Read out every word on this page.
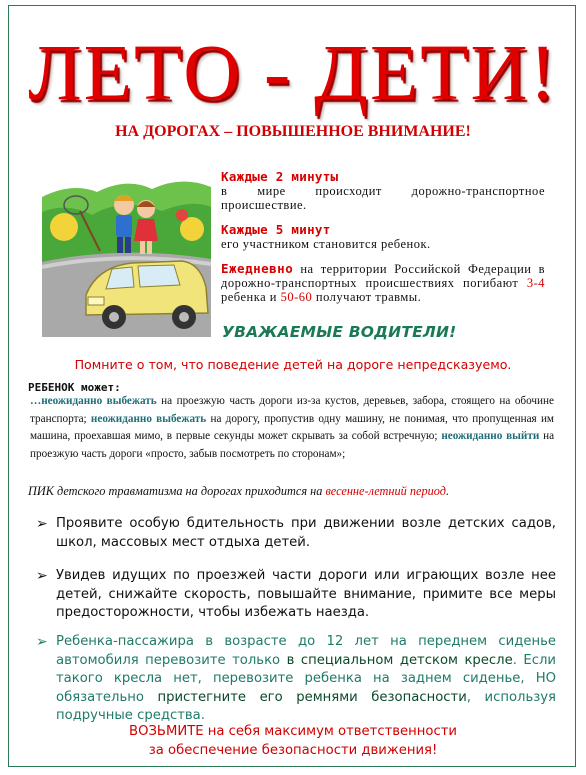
ЛЕТО - ДЕТИ!
НА ДОРОГАХ – ПОВЫШЕННОЕ ВНИМАНИЕ!
Каждые 2 минуты
в мире происходит дорожно-транспортное происшествие.
Каждые 5 минут
его участником становится ребенок.
Ежедневно на территории Российской Федерации в дорожно-транспортных происшествиях погибают 3-4 ребенка и 50-60 получают травмы.
УВАЖАЕМЫЕ ВОДИТЕЛИ!
Помните о том, что поведение детей на дороге непредсказуемо.
РЕБЕНОК может:
…неожиданно выбежать на проезжую часть дороги из-за кустов, деревьев, забора, стоящего на обочине транспорта; неожиданно выбежать на дорогу, пропустив одну машину, не понимая, что пропущенная им машина, проехавшая мимо, в первые секунды может скрывать за собой встречную; неожиданно выйти на проезжую часть дороги «просто, забыв посмотреть по сторонам»;
ПИК детского травматизма на дорогах приходится на весенне-летний период.
➢ Проявите особую бдительность при движении возле детских садов, школ, массовых мест отдыха детей.
➢ Увидев идущих по проезжей части дороги или играющих возле нее детей, снижайте скорость, повышайте внимание, примите все меры предосторожности, чтобы избежать наезда.
➢ Ребенка-пассажира в возрасте до 12 лет на переднем сиденье автомобиля перевозите только в специальном детском кресле. Если такого кресла нет, перевозите ребенка на заднем сиденье, НО обязательно пристегните его ремнями безопасности, используя подручные средства.
ВОЗЬМИТЕ на себя максимум ответственности
за обеспечение безопасности движения!
